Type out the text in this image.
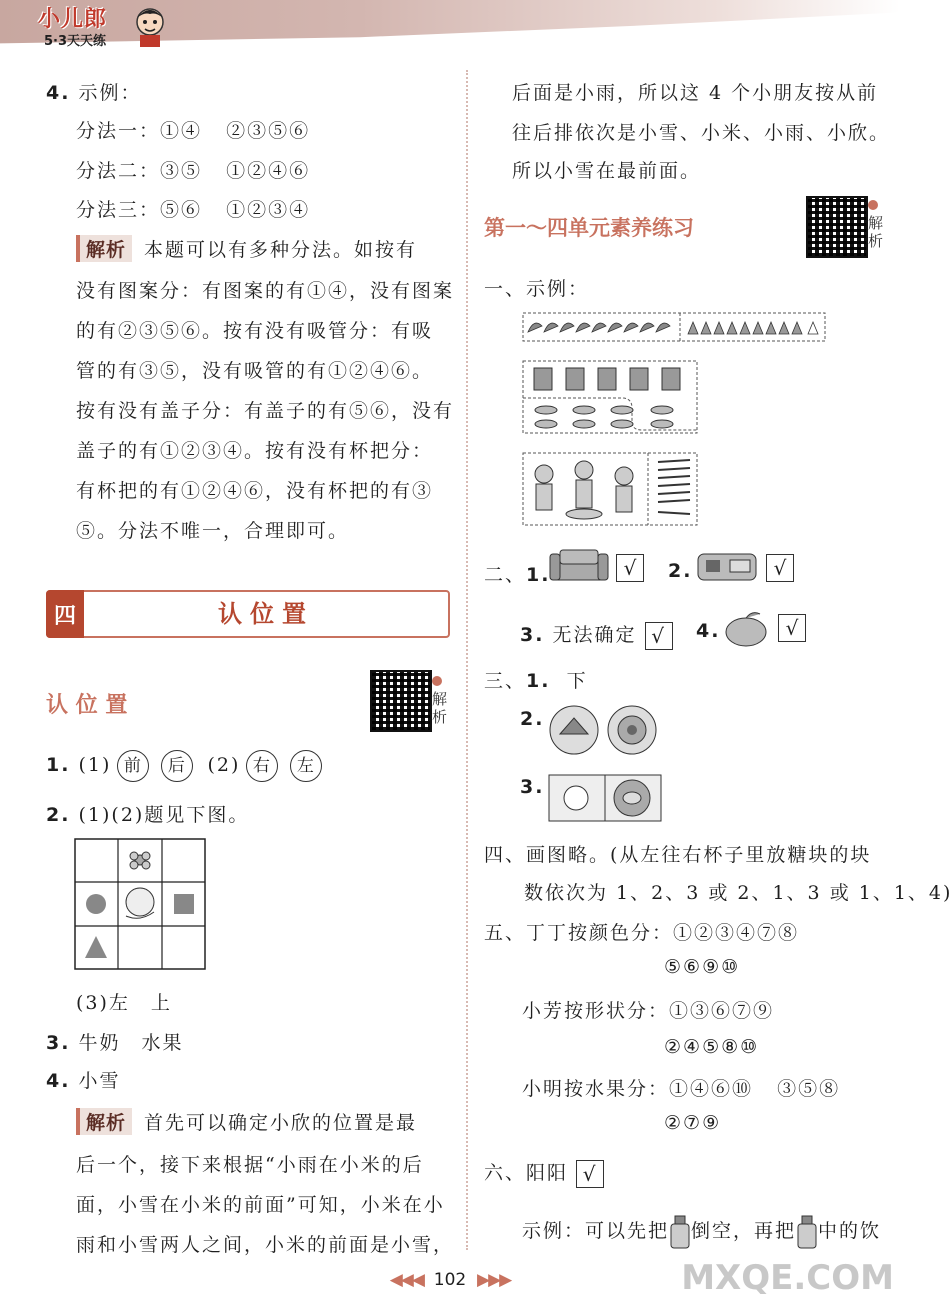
小儿郎
5·3天天练
4. 示例：
分法一：①④ ②③⑤⑥
分法二：③⑤ ①②④⑥
分法三：⑤⑥ ①②③④
解析 本题可以有多种分法。如按有
没有图案分：有图案的有①④，没有图案
的有②③⑤⑥。按有没有吸管分：有吸
管的有③⑤，没有吸管的有①②④⑥。
按有没有盖子分：有盖子的有⑤⑥，没有
盖子的有①②③④。按有没有杯把分：
有杯把的有①②④⑥，没有杯把的有③
⑤。分法不唯一，合理即可。
四	认位置
认 位 置	解析
1. (1) 前 后 (2) 右 左
2. (1)(2)题见下图。
(3)左　上
3. 牛奶　水果
4. 小雪
解析 首先可以确定小欣的位置是最
后一个，接下来根据“小雨在小米的后
面，小雪在小米的前面”可知，小米在小
雨和小雪两人之间，小米的前面是小雪，
后面是小雨，所以这 4 个小朋友按从前
往后排依次是小雪、小米、小雨、小欣。
所以小雪在最前面。
第一～四单元素养练习	解析
一、示例：
二、1.	√	2.	√
3. 无法确定 √	4.	√
三、1. 下
2.
3.
四、画图略。(从左往右杯子里放糖块的块
数依次为 1、2、3 或 2、1、3 或 1、1、4)
五、丁丁按颜色分：①②③④⑦⑧
⑤⑥⑨⑩
小芳按形状分：①③⑥⑦⑨
②④⑤⑧⑩
小明按水果分：①④⑥⑩ ③⑤⑧
②⑦⑨
六、阳阳 √
示例：可以先把 倒空，再把 中的饮
◀◀◀ 102 ▶▶▶	MXQE.COM
